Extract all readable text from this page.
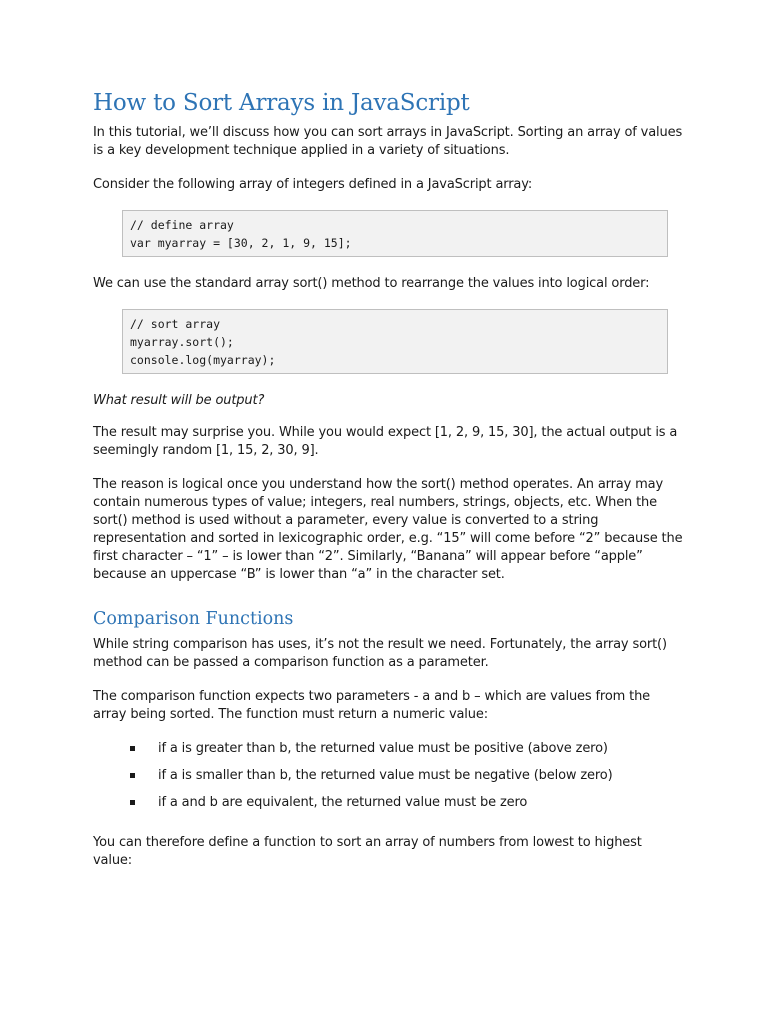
How to Sort Arrays in JavaScript

In this tutorial, we’ll discuss how you can sort arrays in JavaScript. Sorting an array of values is a key development technique applied in a variety of situations.

Consider the following array of integers defined in a JavaScript array:

// define array
var myarray = [30, 2, 1, 9, 15];

We can use the standard array sort() method to rearrange the values into logical order:

// sort array
myarray.sort();
console.log(myarray);

What result will be output?

The result may surprise you. While you would expect [1, 2, 9, 15, 30], the actual output is a seemingly random [1, 15, 2, 30, 9].

The reason is logical once you understand how the sort() method operates. An array may contain numerous types of value; integers, real numbers, strings, objects, etc. When the sort() method is used without a parameter, every value is converted to a string representation and sorted in lexicographic order, e.g. “15” will come before “2” because the first character – “1” – is lower than “2”. Similarly, “Banana” will appear before “apple” because an uppercase “B” is lower than “a” in the character set.

Comparison Functions

While string comparison has uses, it’s not the result we need. Fortunately, the array sort() method can be passed a comparison function as a parameter.

The comparison function expects two parameters - a and b – which are values from the array being sorted. The function must return a numeric value:

if a is greater than b, the returned value must be positive (above zero)
if a is smaller than b, the returned value must be negative (below zero)
if a and b are equivalent, the returned value must be zero

You can therefore define a function to sort an array of numbers from lowest to highest value:
